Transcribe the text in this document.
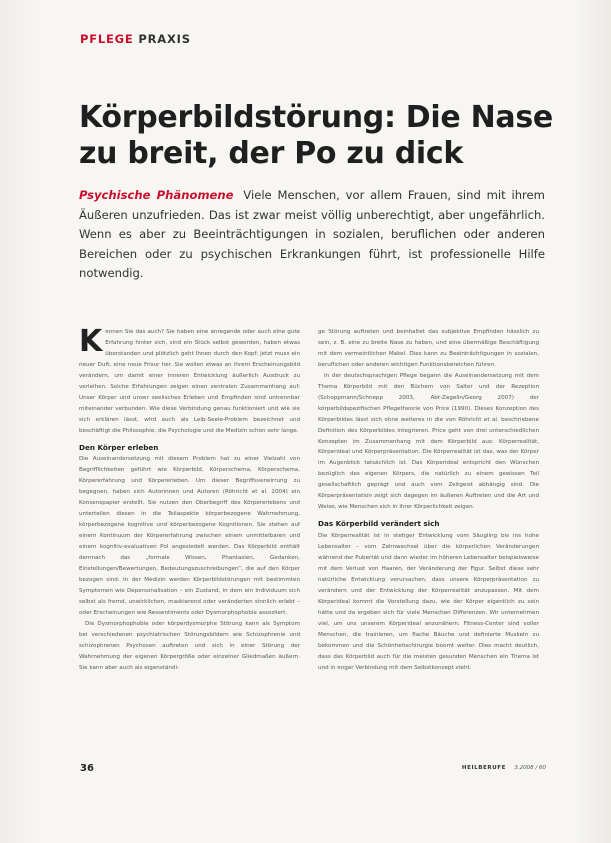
PFLEGE PRAXIS
Körperbildstörung: Die Nase
zu breit, der Po zu dick
Psychische Phänomene Viele Menschen, vor allem Frauen, sind mit ihrem Äußeren unzufrieden. Das ist zwar meist völlig unberechtigt, aber ungefährlich. Wenn es aber zu Beeinträchtigungen in sozialen, beruflichen oder anderen Bereichen oder zu psychischen Erkrankungen führt, ist professionelle Hilfe notwendig.

Kennen Sie das auch? Sie haben eine anregende oder auch eine gute Erfahrung hinter sich, sind ein Stück selbst geworden, haben etwas überstanden und plötzlich geht Ihnen durch den Kopf: jetzt muss ein neuer Duft, eine neue Frisur her. Sie wollen etwas an ihrem Erscheinungsbild verändern, um damit einer inneren Entwicklung äußerlich Ausdruck zu verleihen. Solche Erfahrungen zeigen einen zentralen Zusammenhang auf: Unser Körper und unser seelisches Erleben und Empfinden sind untrennbar miteinander verbunden. Wie diese Verbindung genau funktioniert und wie sie sich erklären lässt, wird auch als Leib-Seele-Problem bezeichnet und beschäftigt die Philosophie, die Psychologie und die Medizin schon sehr lange.

Den Körper erleben

Die Auseinandersetzung mit diesem Problem hat zu einer Vielzahl von Begrifflichkeiten geführt wie Körperbild, Körperschema, Körperschema, Körpererfahrung und Körpererleben. Um dieser Begriffsverwirrung zu begegnen, haben sich Autorinnen und Autoren (Röhricht et al. 2004) ein Konsenspapier erstellt. Sie nutzen den Oberbegriff des Körpererlebens und unterteilen diesen in die Teilaspekte körperbezogene Wahrnehmung, körperbezogene kognitive und körperbezogene Kognitionen. Sie stehen auf einem Kontinuum der Körpererfahrung zwischen einem unmittelbaren und einem kognitiv-evaluativen Pol angesiedelt werden. Das Körperbild enthält demnach das „formale Wissen, Phantasien, Gedanken, Einstellungen/Bewertungen, Bedeutungszuschreibungen“, die auf den Körper bezogen sind. In der Medizin werden Körperbildstörungen mit bestimmten Symptomen wie Depersonalisation – ein Zustand, in dem ein Individuum sich selbst als fremd, unwirklichen, maskierend oder veränderten sinnlich erlebt – oder Erscheinungen wie Ressentiments oder Dysmorphophobie assoziiert.

Die Dysmorphophobie oder körperdysmorphe Störung kann als Symptom bei verschiedenen psychiatrischen Störungsbildern wie Schizophrenie und schizophrenen Psychosen auftreten und sich in einer Störung der Wahrnehmung der eigenen Körpergröße oder einzelner Gliedmaßen äußern. Sie kann aber auch als eigenständi-

ge Störung auftreten und beinhaltet das subjektive Empfinden hässlich zu sein, z. B. eine zu breite Nase zu haben, und eine übermäßige Beschäftigung mit dem vermeintlichen Makel. Dies kann zu Beeinträchtigungen in sozialen, beruflichen oder anderen wichtigen Funktionsbereichen führen.

In der deutschsprachigen Pflege begann die Auseinandersetzung mit dem Thema Körperbild mit den Büchern von Salter und der Rezeption (Schoppmann/Schnepp 2003, Abt-Zegelin/Georg 2007) der körperbildspezifischen Pflegetheorie von Price (1990). Dieses Konzeption des Körperbildes lässt sich ohne weiteres in die von Röhricht et al. beschriebene Definition des Körperbildes integrieren. Price geht von drei unterschiedlichen Konzepten im Zusammenhang mit dem Körperbild aus: Körperrealität, Körperideal und Körperpräsentation. Die Körperrealität ist das, was der Körper im Augenblick tatsächlich ist. Das Körperideal entspricht den Wünschen bezüglich des eigenen Körpers, die natürlich zu einem gewissen Teil gesellschaftlich geprägt und auch vom Zeitgeist abhängig sind. Die Körperpräsentation zeigt sich dagegen im äußeren Auftreten und die Art und Weise, wie Menschen sich in ihrer Körperlichkeit zeigen.

Das Körperbild verändert sich

Die Körperrealität ist in stetiger Entwicklung vom Säugling bis ins hohe Lebensalter – vom Zahnwechsel über die körperlichen Veränderungen während der Pubertät und dann wieder im höheren Lebensalter beispielsweise mit dem Verlust von Haaren, der Veränderung der Figur. Selbst diese sehr natürliche Entwicklung verursachen, dass unsere Körperpräsentation zu verändern und der Entwicklung der Körperrealität anzupassen. Mit dem Körperideal kommt die Vorstellung dazu, wie der Körper eigentlich zu sein hätte und da ergeben sich für viele Menschen Differenzen. Wir unternehmen viel, um uns unserem Körperideal anzunähern. Fitness-Center sind voller Menschen, die trainieren, um flache Bäuche und definierte Muskeln zu bekommen und die Schönheitschirurgie boomt weiter. Dies macht deutlich, dass das Körperbild auch für die meisten gesunden Menschen ein Thema ist und in enger Verbindung mit dem Selbstkonzept steht.

36	HEILBERUFE 3.2008 / 60
